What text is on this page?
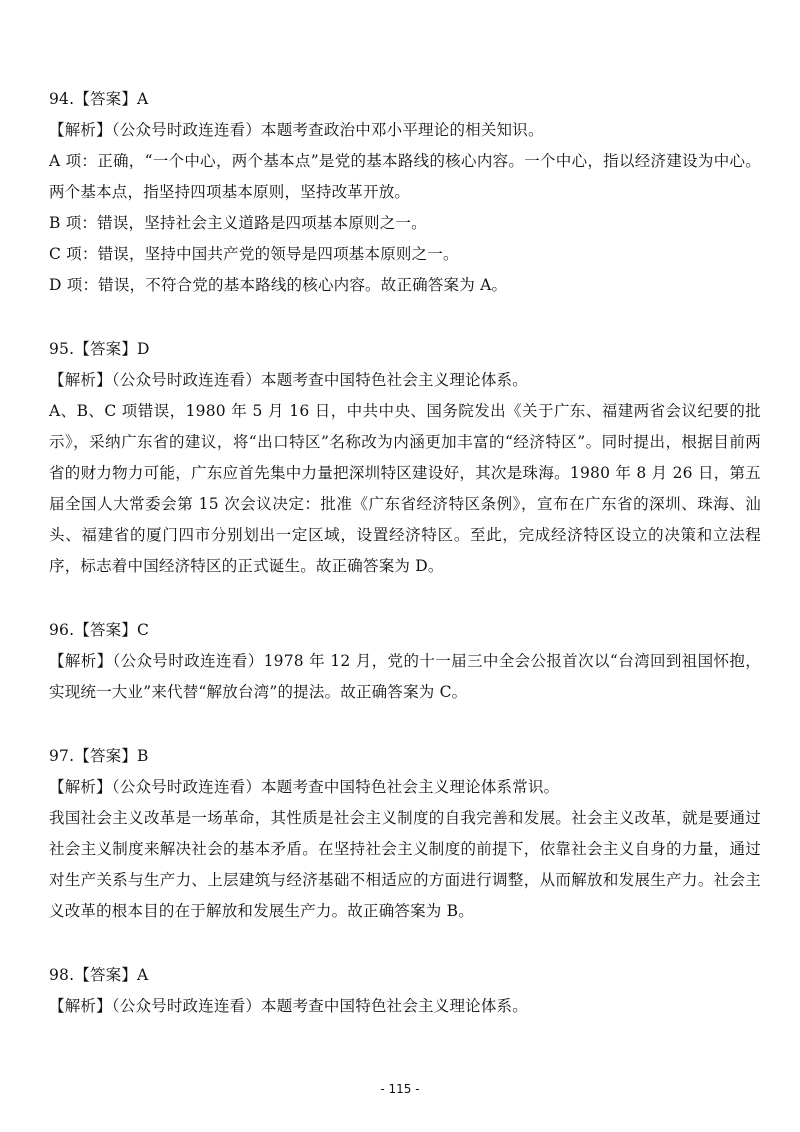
94.【答案】A
【解析】（公众号时政连连看）本题考查政治中邓小平理论的相关知识。

A 项：正确，“一个中心，两个基本点”是党的基本路线的核心内容。一个中心，指以经济建设为中心。两个基本点，指坚持四项基本原则，坚持改革开放。

B 项：错误，坚持社会主义道路是四项基本原则之一。
C 项：错误，坚持中国共产党的领导是四项基本原则之一。
D 项：错误，不符合党的基本路线的核心内容。故正确答案为 A。
95.【答案】D
【解析】（公众号时政连连看）本题考查中国特色社会主义理论体系。

A、B、C 项错误，1980 年 5 月 16 日，中共中央、国务院发出《关于广东、福建两省会议纪要的批示》，采纳广东省的建议，将“出口特区”名称改为内涵更加丰富的“经济特区”。同时提出，根据目前两省的财力物力可能，广东应首先集中力量把深圳特区建设好，其次是珠海。1980 年 8 月 26 日，第五届全国人大常委会第 15 次会议决定：批准《广东省经济特区条例》，宣布在广东省的深圳、珠海、汕头、福建省的厦门四市分别划出一定区域，设置经济特区。至此，完成经济特区设立的决策和立法程序，标志着中国经济特区的正式诞生。故正确答案为 D。

96.【答案】C

【解析】（公众号时政连连看）1978 年 12 月，党的十一届三中全会公报首次以“台湾回到祖国怀抱，实现统一大业”来代替“解放台湾”的提法。故正确答案为 C。

97.【答案】B
【解析】（公众号时政连连看）本题考查中国特色社会主义理论体系常识。

我国社会主义改革是一场革命，其性质是社会主义制度的自我完善和发展。社会主义改革，就是要通过社会主义制度来解决社会的基本矛盾。在坚持社会主义制度的前提下，依靠社会主义自身的力量，通过对生产关系与生产力、上层建筑与经济基础不相适应的方面进行调整，从而解放和发展生产力。社会主义改革的根本目的在于解放和发展生产力。故正确答案为 B。

98.【答案】A
【解析】（公众号时政连连看）本题考查中国特色社会主义理论体系。
- 115 -
